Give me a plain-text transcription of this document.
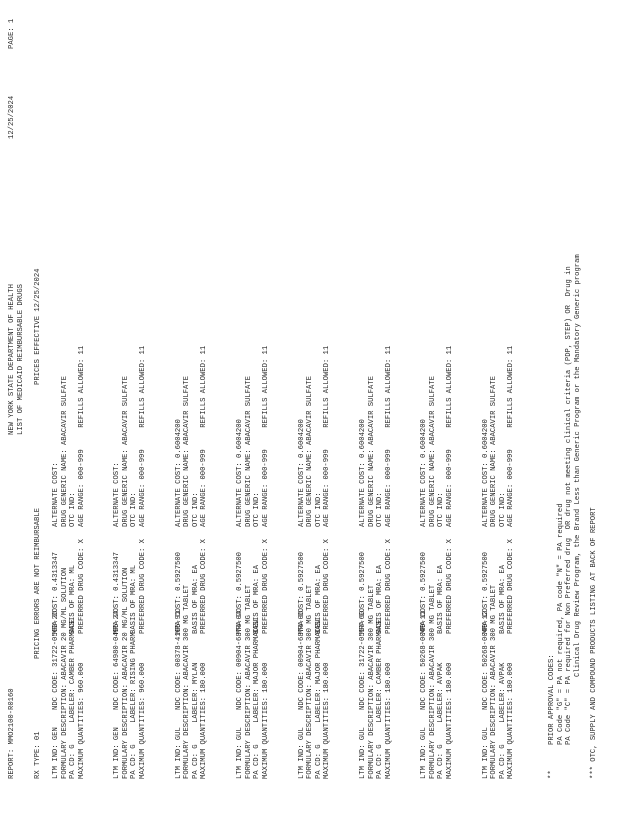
REPORT: MMO2100-R0160

NEW YORK STATE DEPARTMENT OF HEALTH

LIST OF MEDICAID REIMBURSABLE DRUGS

12/25/2024

PAGE: 1

RX TYPE: 01

PRICING ERRORS ARE NOT REIMBURSABLE

PRICES EFFECTIVE 12/25/2024

LTM IND: GEN    NDC CODE: 31722-0562-26 FORMULARY DESCRIPTION: ABACAVIR 20 MG/ML SOLUTION PA CD: G     LABELER: CAMBER PHARMACE MAXIMUM QUANTITIES: 960.000
MRA COST: 0.4313347 BASIS OF MRA: ML PREFERRED DRUG CODE: X
ALTERNATE COST: DRUG GENERIC NAME: ABACAVIR SULFATE OTC IND: AGE RANGE: 000-999     REFILLS ALLOWED: 11
LTM IND: GEN    NDC CODE: 64980-0495-24 FORMULARY DESCRIPTION: ABACAVIR 20 MG/ML SOLUTION PA CD: G     LABELER: RISING PHARM MAXIMUM QUANTITIES: 960.000
MRA COST: 0.4313347 BASIS OF MRA: ML PREFERRED DRUG CODE: X
ALTERNATE COST: DRUG GENERIC NAME: ABACAVIR SULFATE OTC IND: AGE RANGE: 000-999     REFILLS ALLOWED: 11
LTM IND: GUL    NDC CODE: 00378-4105-91 FORMULARY DESCRIPTION: ABACAVIR 300 MG TABLET PA CD: G     LABELER: MYLAN MAXIMUM QUANTITIES: 180.000
MRA COST: 0.5927500 BASIS OF MRA: EA PREFERRED DRUG CODE: X
ALTERNATE COST: 0.6004200 DRUG GENERIC NAME: ABACAVIR SULFATE OTC IND: AGE RANGE: 000-999     REFILLS ALLOWED: 11
LTM IND: GUL    NDC CODE: 00904-6874-04 FORMULARY DESCRIPTION: ABACAVIR 300 MG TABLET PA CD: G     LABELER: MAJOR PHARMACEU MAXIMUM QUANTITIES: 180.000
MRA COST: 0.5927500 BASIS OF MRA: EA PREFERRED DRUG CODE: X
ALTERNATE COST: 0.6004200 DRUG GENERIC NAME: ABACAVIR SULFATE OTC IND: AGE RANGE: 000-999     REFILLS ALLOWED: 11
LTM IND: GUL    NDC CODE: 00904-6874-06 FORMULARY DESCRIPTION: ABACAVIR 300 MG TABLET PA CD: G     LABELER: MAJOR PHARMACEU MAXIMUM QUANTITIES: 180.000
MRA COST: 0.5927500 BASIS OF MRA: EA PREFERRED DRUG CODE: X
ALTERNATE COST: 0.6004200 DRUG GENERIC NAME: ABACAVIR SULFATE OTC IND: AGE RANGE: 000-999     REFILLS ALLOWED: 11
LTM IND: GUL    NDC CODE: 31722-0557-60 FORMULARY DESCRIPTION: ABACAVIR 300 MG TABLET PA CD: G     LABELER: CAMBER PHARMACE MAXIMUM QUANTITIES: 180.000
MRA COST: 0.5927500 BASIS OF MRA: EA PREFERRED DRUG CODE: X
ALTERNATE COST: 0.6004200 DRUG GENERIC NAME: ABACAVIR SULFATE OTC IND: AGE RANGE: 000-999     REFILLS ALLOWED: 11
LTM IND: GUL    NDC CODE: 50268-0049-11 FORMULARY DESCRIPTION: ABACAVIR 300 MG TABLET PA CD: G     LABELER: AVPAK MAXIMUM QUANTITIES: 180.000
MRA COST: 0.5927500 BASIS OF MRA: EA PREFERRED DRUG CODE: X
ALTERNATE COST: 0.6004200 DRUG GENERIC NAME: ABACAVIR SULFATE OTC IND: AGE RANGE: 000-999     REFILLS ALLOWED: 11
LTM IND: GUL    NDC CODE: 50268-0049-12 FORMULARY DESCRIPTION: ABACAVIR 300 MG TABLET PA CD: G     LABELER: AVPAK MAXIMUM QUANTITIES: 180.000
MRA COST: 0.5927500 BASIS OF MRA: EA PREFERRED DRUG CODE: X
ALTERNATE COST: 0.6004200 DRUG GENERIC NAME: ABACAVIR SULFATE OTC IND: AGE RANGE: 000-999     REFILLS ALLOWED: 11

**

PRIOR APPROVAL CODES:

PA Code "G" = PA not required, PA code "N" = PA required

PA Code "C" = PA required for Non Preferred drug  OR drug not meeting clinical criteria (PDP, STEP) OR  Drug in

Clinical Drug Review Program, the Brand Less than Generic Program or the Mandatory Generic program

*** OTC, SUPPLY AND COMPOUND PRODUCTS LISTING AT BACK OF REPORT
